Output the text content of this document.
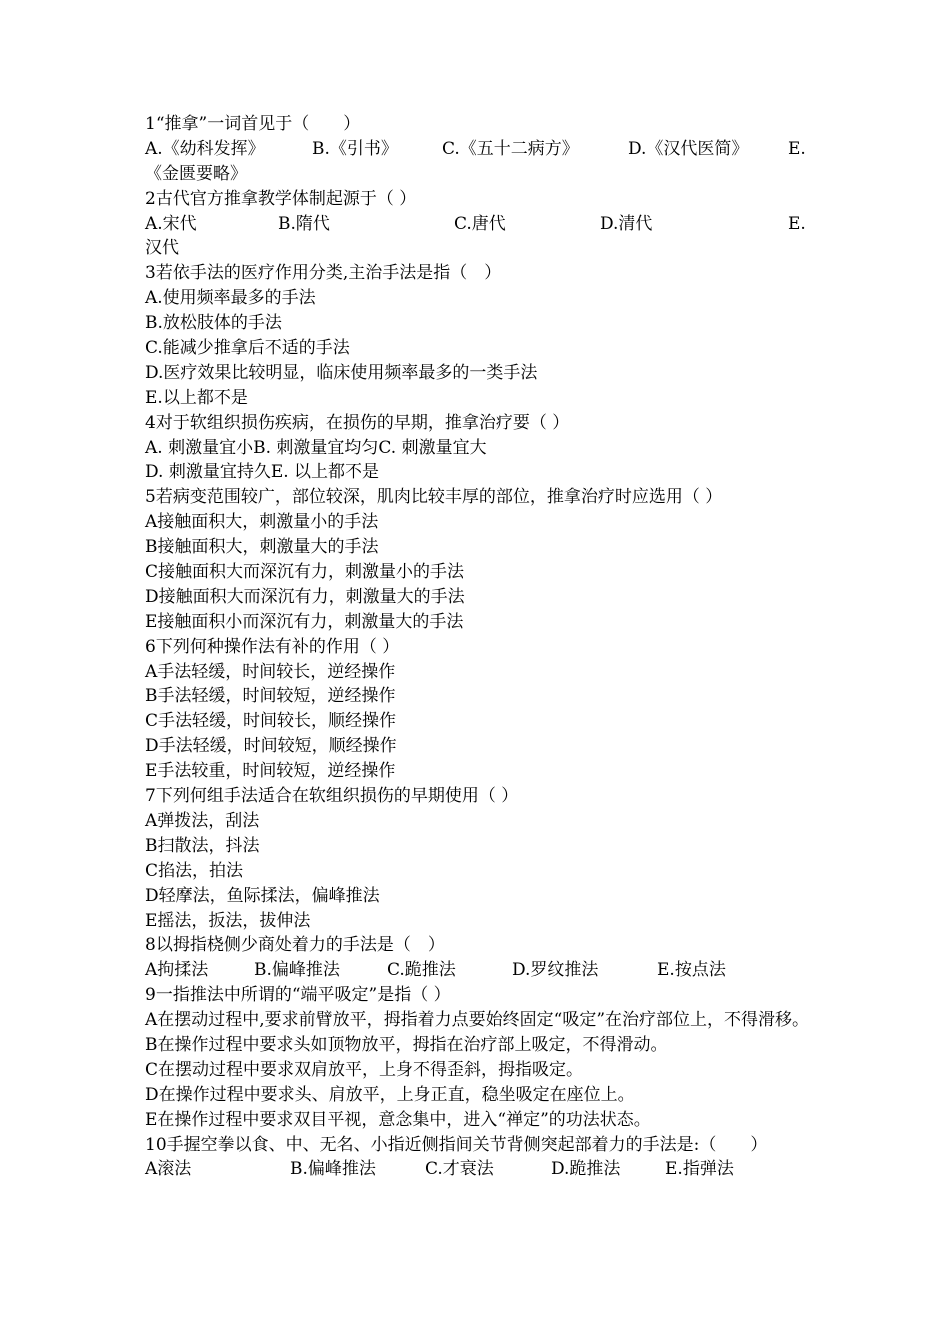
1“推拿”一词首见于（　　）
A.《幼科发挥》	B.《引书》	C.《五十二病方》	D.《汉代医简》	E.
《金匮要略》
2古代官方推拿教学体制起源于（ ）
A.宋代	B.隋代	C.唐代	D.清代	E.
汉代
3若依手法的医疗作用分类,主治手法是指（　）
A.使用频率最多的手法
B.放松肢体的手法
C.能减少推拿后不适的手法
D.医疗效果比较明显，临床使用频率最多的一类手法
E.以上都不是
4对于软组织损伤疾病，在损伤的早期，推拿治疗要（ ）
A. 刺激量宜小B. 刺激量宜均匀C. 刺激量宜大
D. 刺激量宜持久E. 以上都不是
5若病变范围较广，部位较深，肌肉比较丰厚的部位，推拿治疗时应选用（ ）
A接触面积大，刺激量小的手法
B接触面积大，刺激量大的手法
C接触面积大而深沉有力，刺激量小的手法
D接触面积大而深沉有力，刺激量大的手法
E接触面积小而深沉有力，刺激量大的手法
6下列何种操作法有补的作用（ ）
A手法轻缓，时间较长，逆经操作
B手法轻缓，时间较短，逆经操作
C手法轻缓，时间较长，顺经操作
D手法轻缓，时间较短，顺经操作
E手法较重，时间较短，逆经操作
7下列何组手法适合在软组织损伤的早期使用（ ）
A弹拨法，刮法
B扫散法，抖法
C掐法，拍法
D轻摩法，鱼际揉法，偏峰推法
E摇法，扳法，拔伸法
8以拇指桡侧少商处着力的手法是（　）
A拘揉法	B.偏峰推法	C.跪推法	D.罗纹推法	E.按点法
9一指推法中所谓的“端平吸定”是指（ ）
A在摆动过程中,要求前臂放平，拇指着力点要始终固定“吸定”在治疗部位上，不得滑移。
B在操作过程中要求头如顶物放平，拇指在治疗部上吸定，不得滑动。
C在摆动过程中要求双肩放平，上身不得歪斜，拇指吸定。
D在操作过程中要求头、肩放平，上身正直，稳坐吸定在座位上。
E在操作过程中要求双目平视，意念集中，进入“禅定”的功法状态。
10手握空拳以食、中、无名、小指近侧指间关节背侧突起部着力的手法是:（　　）
A滚法	B.偏峰推法	C.才衰法	D.跪推法	E.指弹法
